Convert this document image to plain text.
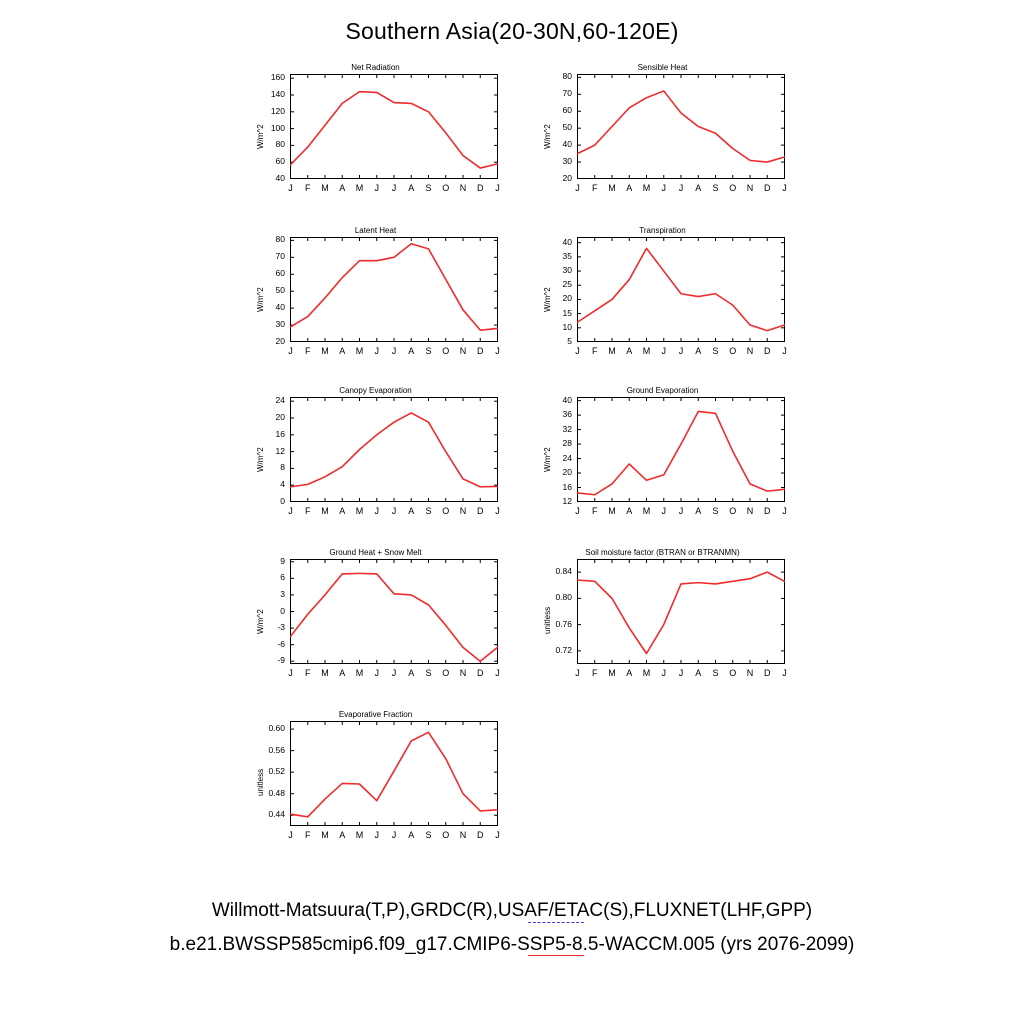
Southern Asia(20-30N,60-120E)
Net Radiation
W/m^2
40
60
80
100
120
140
160
J	F	M	A	M	J	J	A	S	O	N	D	J
Sensible Heat
W/m^2
20
30
40
50
60
70
80
J	F	M	A	M	J	J	A	S	O	N	D	J
Latent Heat
W/m^2
20
30
40
50
60
70
80
J	F	M	A	M	J	J	A	S	O	N	D	J
Transpiration
W/m^2
5
10
15
20
25
30
35
40
J	F	M	A	M	J	J	A	S	O	N	D	J
Canopy Evaporation
W/m^2
0
4
8
12
16
20
24
J	F	M	A	M	J	J	A	S	O	N	D	J
Ground Evaporation
W/m^2
12
16
20
24
28
32
36
40
J	F	M	A	M	J	J	A	S	O	N	D	J
Ground Heat + Snow Melt
W/m^2
-9
-6
-3
0
3
6
9
J	F	M	A	M	J	J	A	S	O	N	D	J
Soil moisture factor (BTRAN or BTRANMN)
unitless
0.72
0.76
0.80
0.84
J	F	M	A	M	J	J	A	S	O	N	D	J
Evaporative Fraction
unitless
0.44
0.48
0.52
0.56
0.60
J	F	M	A	M	J	J	A	S	O	N	D	J
Willmott-Matsuura(T,P),GRDC(R),USAF/ETAC(S),FLUXNET(LHF,GPP)
b.e21.BWSSP585cmip6.f09_g17.CMIP6-SSP5-8.5-WACCM.005 (yrs 2076-2099)
